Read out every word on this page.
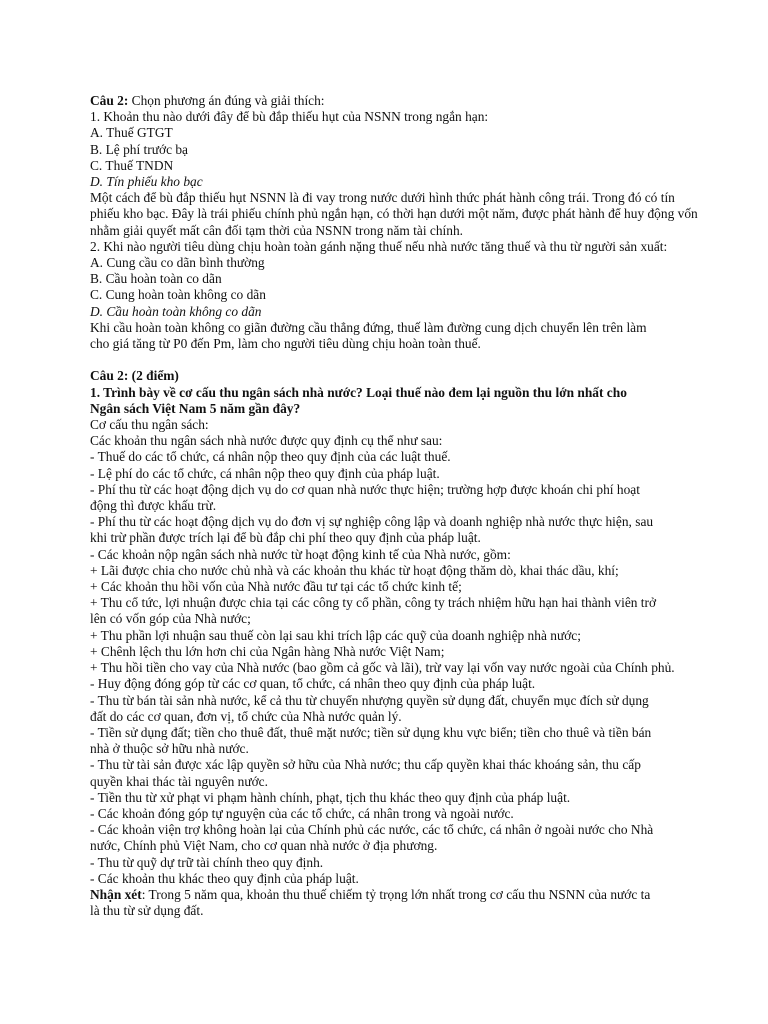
Câu 2: Chọn phương án đúng và giải thích:
1. Khoản thu nào dưới đây để bù đắp thiếu hụt của NSNN trong ngắn hạn:
A. Thuế GTGT
B. Lệ phí trước bạ
C. Thuế TNDN
D. Tín phiếu kho bạc
Một cách để bù đắp thiếu hụt NSNN là đi vay trong nước dưới hình thức phát hành công trái. Trong đó có tín phiếu kho bạc. Đây là trái phiếu chính phủ ngắn hạn, có thời hạn dưới một năm, được phát hành để huy động vốn nhằm giải quyết mất cân đối tạm thời của NSNN trong năm tài chính.
2. Khi nào người tiêu dùng chịu hoàn toàn gánh nặng thuế nếu nhà nước tăng thuế và thu từ người sản xuất:
A. Cung cầu co dãn bình thường
B. Cầu hoàn toàn co dãn
C. Cung hoàn toàn không co dãn
D. Cầu hoàn toàn không co dãn
Khi cầu hoàn toàn không co giãn đường cầu thẳng đứng, thuế làm đường cung dịch chuyển lên trên làm
cho giá tăng từ P0 đến Pm, làm cho người tiêu dùng chịu hoàn toàn thuế.
Câu 2: (2 điểm)
1. Trình bày về cơ cấu thu ngân sách nhà nước? Loại thuế nào đem lại nguồn thu lớn nhất cho
Ngân sách Việt Nam 5 năm gần đây?
Cơ cấu thu ngân sách:
Các khoản thu ngân sách nhà nước được quy định cụ thể như sau:
- Thuế do các tổ chức, cá nhân nộp theo quy định của các luật thuế.
- Lệ phí do các tổ chức, cá nhân nộp theo quy định của pháp luật.
- Phí thu từ các hoạt động dịch vụ do cơ quan nhà nước thực hiện; trường hợp được khoán chi phí hoạt
động thì được khấu trừ.
- Phí thu từ các hoạt động dịch vụ do đơn vị sự nghiệp công lập và doanh nghiệp nhà nước thực hiện, sau
khi trừ phần được trích lại để bù đắp chi phí theo quy định của pháp luật.
- Các khoản nộp ngân sách nhà nước từ hoạt động kinh tế của Nhà nước, gồm:
+ Lãi được chia cho nước chủ nhà và các khoản thu khác từ hoạt động thăm dò, khai thác dầu, khí;
+ Các khoản thu hồi vốn của Nhà nước đầu tư tại các tổ chức kinh tế;
+ Thu cổ tức, lợi nhuận được chia tại các công ty cổ phần, công ty trách nhiệm hữu hạn hai thành viên trở
lên có vốn góp của Nhà nước;
+ Thu phần lợi nhuận sau thuế còn lại sau khi trích lập các quỹ của doanh nghiệp nhà nước;
+ Chênh lệch thu lớn hơn chi của Ngân hàng Nhà nước Việt Nam;
+ Thu hồi tiền cho vay của Nhà nước (bao gồm cả gốc và lãi), trừ vay lại vốn vay nước ngoài của Chính phủ.
- Huy động đóng góp từ các cơ quan, tổ chức, cá nhân theo quy định của pháp luật.
- Thu từ bán tài sản nhà nước, kể cả thu từ chuyển nhượng quyền sử dụng đất, chuyển mục đích sử dụng
đất do các cơ quan, đơn vị, tổ chức của Nhà nước quản lý.
- Tiền sử dụng đất; tiền cho thuê đất, thuê mặt nước; tiền sử dụng khu vực biển; tiền cho thuê và tiền bán
nhà ở thuộc sở hữu nhà nước.
- Thu từ tài sản được xác lập quyền sở hữu của Nhà nước; thu cấp quyền khai thác khoáng sản, thu cấp
quyền khai thác tài nguyên nước.
- Tiền thu từ xử phạt vi phạm hành chính, phạt, tịch thu khác theo quy định của pháp luật.
- Các khoản đóng góp tự nguyện của các tổ chức, cá nhân trong và ngoài nước.
- Các khoản viện trợ không hoàn lại của Chính phủ các nước, các tổ chức, cá nhân ở ngoài nước cho Nhà
nước, Chính phủ Việt Nam, cho cơ quan nhà nước ở địa phương.
- Thu từ quỹ dự trữ tài chính theo quy định.
- Các khoản thu khác theo quy định của pháp luật.
Nhận xét: Trong 5 năm qua, khoản thu thuế chiếm tỷ trọng lớn nhất trong cơ cấu thu NSNN của nước ta
là thu từ sử dụng đất.
